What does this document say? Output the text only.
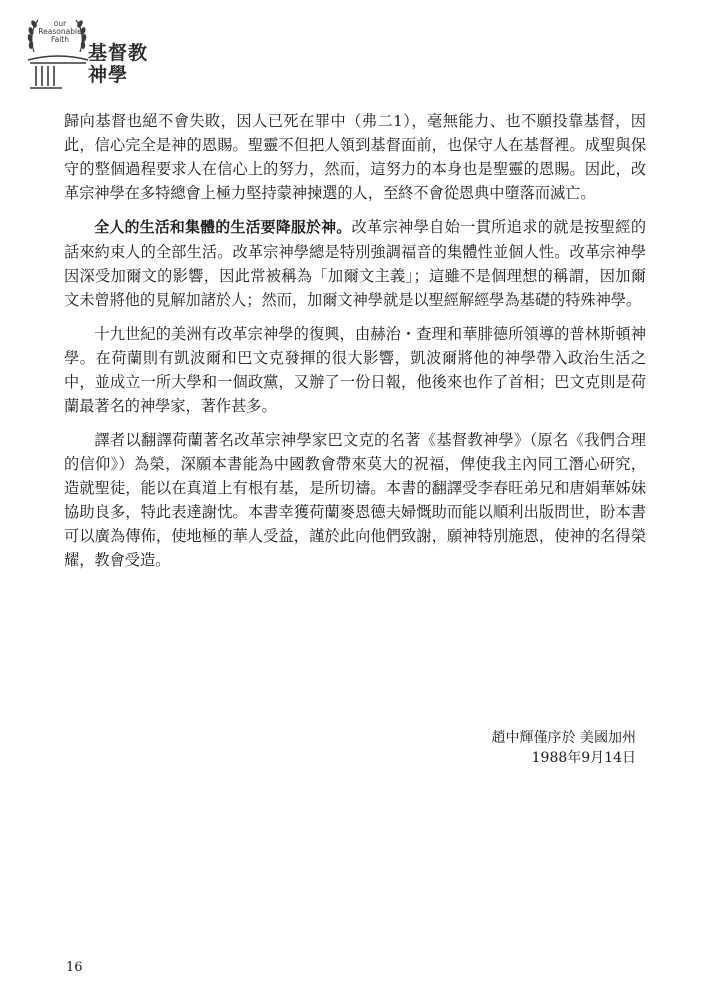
our
Reasonable
Faith
基督教
神學

歸向基督也絕不會失敗，因人已死在罪中（弗二1），毫無能力、也不願投靠基督，因此，信心完全是神的恩賜。聖靈不但把人領到基督面前，也保守人在基督裡。成聖與保守的整個過程要求人在信心上的努力，然而，這努力的本身也是聖靈的恩賜。因此，改革宗神學在多特總會上極力堅持蒙神揀選的人，至終不會從恩典中墮落而滅亡。

全人的生活和集體的生活要降服於神。改革宗神學自始一貫所追求的就是按聖經的話來約束人的全部生活。改革宗神學總是特別強調福音的集體性並個人性。改革宗神學因深受加爾文的影響，因此常被稱為「加爾文主義」；這雖不是個理想的稱謂，因加爾文未曾將他的見解加諸於人；然而，加爾文神學就是以聖經解經學為基礎的特殊神學。

十九世紀的美洲有改革宗神學的復興，由赫治・查理和華腓德所領導的普林斯頓神學。在荷蘭則有凱波爾和巴文克發揮的很大影響，凱波爾將他的神學帶入政治生活之中，並成立一所大學和一個政黨，又辦了一份日報，他後來也作了首相；巴文克則是荷蘭最著名的神學家，著作甚多。

譯者以翻譯荷蘭著名改革宗神學家巴文克的名著《基督教神學》（原名《我們合理的信仰》）為榮，深願本書能為中國教會帶來莫大的祝福，俾使我主內同工潛心研究，造就聖徒，能以在真道上有根有基，是所切禱。本書的翻譯受李春旺弟兄和唐娟華姊妹協助良多，特此表達謝忱。本書幸獲荷蘭麥恩德夫婦慨助而能以順利出版問世，盼本書可以廣為傳佈，使地極的華人受益，謹於此向他們致謝，願神特別施恩，使神的名得榮耀，教會受造。

趙中輝僅序於 美國加州
1988年9月14日
16
